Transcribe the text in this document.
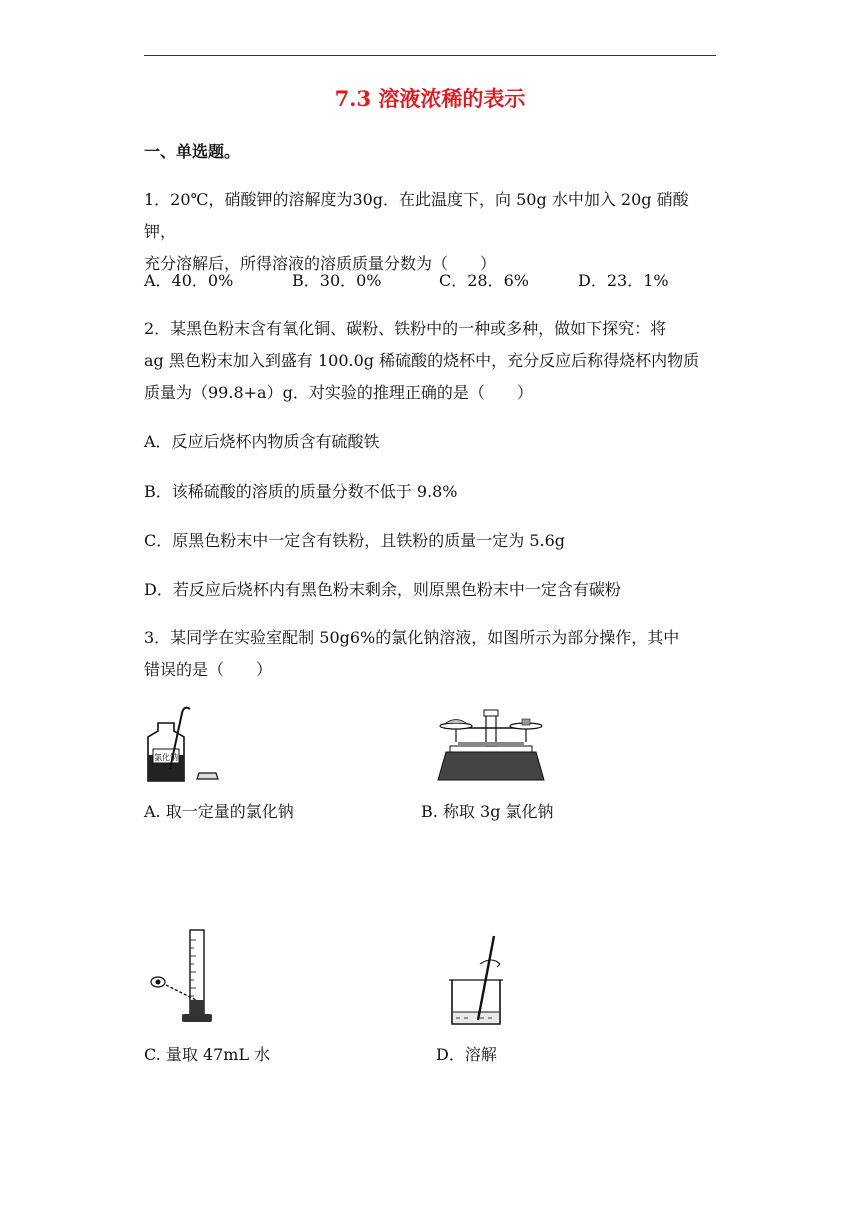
7.3 溶液浓稀的表示
一、单选题。
1．20℃，硝酸钾的溶解度为30g．在此温度下，向 50g 水中加入 20g 硝酸钾，
充分溶解后，所得溶液的溶质质量分数为（　　）
A．40．0%	B．30．0%	C．28．6%	D．23．1%
2．某黑色粉末含有氧化铜、碳粉、铁粉中的一种或多种，做如下探究：将
ag 黑色粉末加入到盛有 100.0g 稀硫酸的烧杯中，充分反应后称得烧杯内物质
质量为（99.8+a）g．对实验的推理正确的是（　　）
A．反应后烧杯内物质含有硫酸铁
B．该稀硫酸的溶质的质量分数不低于 9.8%
C．原黑色粉末中一定含有铁粉，且铁粉的质量一定为 5.6g
D．若反应后烧杯内有黑色粉末剩余，则原黑色粉末中一定含有碳粉
3．某同学在实验室配制 50g6%的氯化钠溶液，如图所示为部分操作，其中
错误的是（　　）
氯化钠
A. 取一定量的氯化钠	B. 称取 3g 氯化钠
C. 量取 47mL 水	D．溶解
